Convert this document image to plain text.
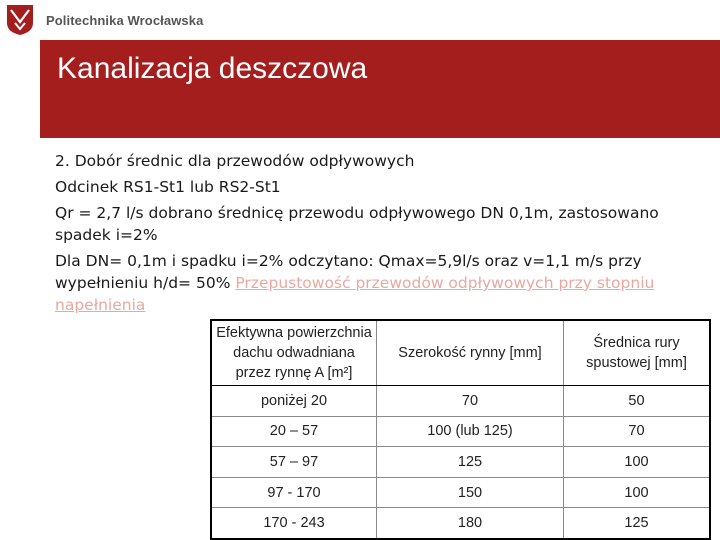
Politechnika Wrocławska
Kanalizacja deszczowa

2. Dobór średnic dla przewodów odpływowych

Odcinek RS1-St1 lub RS2-St1

Qr = 2,7 l/s dobrano średnicę przewodu odpływowego DN 0,1m, zastosowano spadek i=2%

Dla DN= 0,1m i spadku i=2% odczytano: Qmax=5,9l/s oraz v=1,1 m/s przy wypełnieniu h/d= 50% Przepustowość przewodów odpływowych przy stopniu napełnienia

Efektywna powierzchnia dachu odwadniana przez rynnę A [m²]	Szerokość rynny [mm]	Średnica rury spustowej [mm]
poniżej 20	70	50
20 – 57	100 (lub 125)	70
57 – 97	125	100
97 - 170	150	100
170 - 243	180	125
